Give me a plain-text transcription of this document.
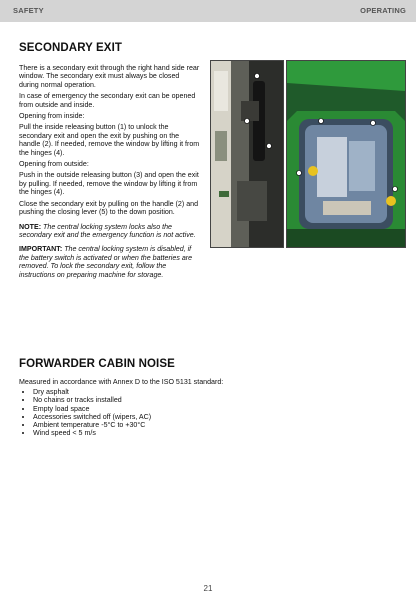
SAFETY	OPERATING
SECONDARY EXIT

There is a secondary exit through the right hand side rear window. The secondary exit must always be closed during normal operation.

In case of emergency the secondary exit can be opened from outside and inside.

Opening from inside:

Pull the inside releasing button (1) to unlock the secondary exit and open the exit by pushing on the handle (2). If needed, remove the window by lifting it from the hinges (4).

Opening from outside:

Push in the outside releasing button (3) and open the exit by pulling. If needed, remove the window by lifting it from the hinges (4).

Close the secondary exit by pulling on the handle (2) and pushing the closing lever (5) to the down position.

NOTE: The central locking system locks also the secondary exit and the emergency function is not active.

IMPORTANT: The central locking system is disabled, if the battery switch is activated or when the batteries are removed. To lock the secondary exit, follow the instructions on preparing machine for storage.

FORWARDER CABIN NOISE
Measured in accordance with Annex D to the ISO 5131 standard:
• Dry asphalt
• No chains or tracks installed
• Empty load space
• Accessories switched off (wipers, AC)
• Ambient temperature -5°C to +30°C
• Wind speed < 5 m/s
21
